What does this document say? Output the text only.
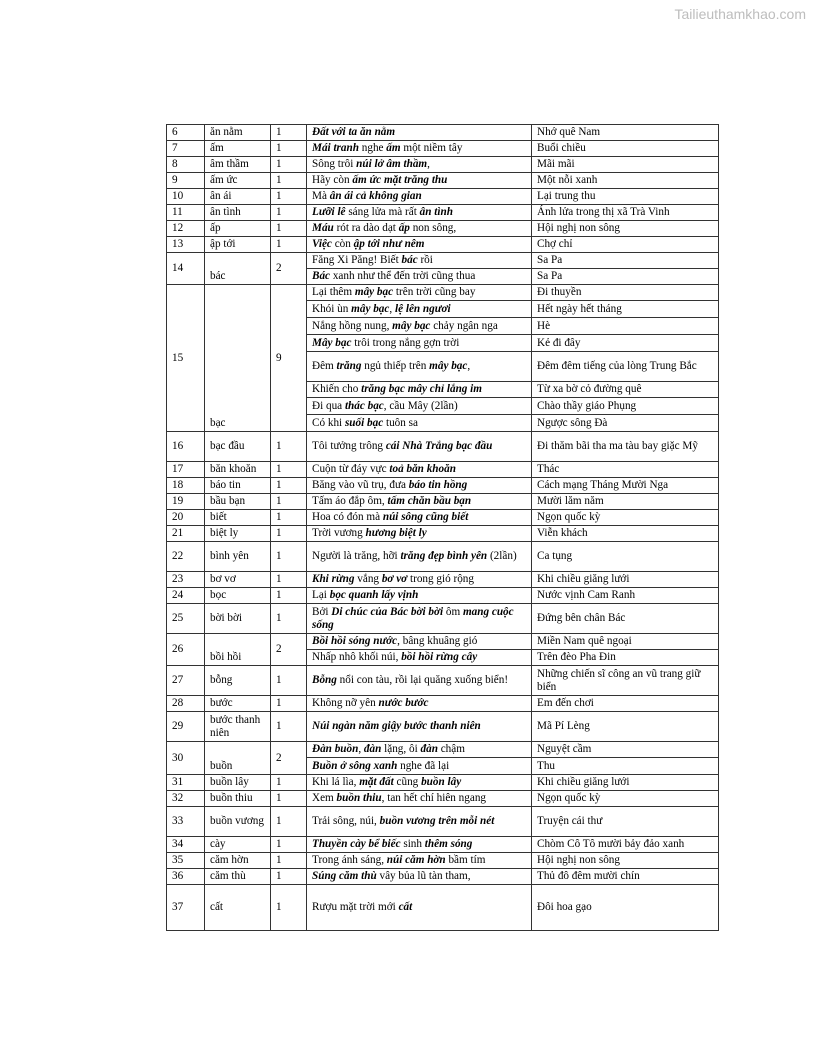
Tailieuthamkhao.com
6	ăn nằm	1	Đất với ta ăn nằm	Nhớ quê Nam
7	ấm	1	Mái tranh nghe ấm một niềm tây	Buổi chiều
8	âm thầm	1	Sông trôi núi lở âm thầm,	Mãi mãi
9	ấm ức	1	Hãy còn ấm ức mặt trăng thu	Một nỗi xanh
10	ân ái	1	Mà ân ái cả không gian	Lại trung thu
11	ân tình	1	Lưỡi lê sáng lửa mà rất ân tình	Ánh lửa trong thị xã Trà Vinh
12	ấp	1	Máu rót ra dào dạt ấp non sông,	Hội nghị non sông
13	ập tới	1	Việc còn ập tới như nêm	Chợ chỉ
14	bác	2	Făng Xi Păng! Biết bác rồi	Sa Pa
			Bác xanh như thể đến trời cũng thua	Sa Pa
15	bạc	9	Lại thêm mây bạc trên trời cũng bay	Đi thuyền
			Khói ùn mây bạc, lệ lên ngươi	Hết ngày hết tháng
			Nắng hồng nung, mây bạc chảy ngân nga	Hè
			Mây bạc trôi trong nắng gợn trời	Kẻ đi đây
			Đêm trăng ngủ thiếp trên mây bạc,	Đêm đêm tiếng của lòng Trung Bắc
			Khiến cho trăng bạc mây chỉ lắng im	Từ xa bờ cỏ đường quê
			Đi qua thác bạc, cầu Mây (2lần)	Chào thầy giáo Phụng
			Có khi suối bạc tuôn sa	Ngược sông Đà
16	bạc đầu	1	Tôi tưởng trông cái Nhà Trắng bạc đầu	Đi thăm bãi tha ma tàu bay giặc Mỹ
17	băn khoăn	1	Cuộn từ đáy vực toả băn khoăn	Thác
18	báo tin	1	Băng vào vũ trụ, đưa báo tin hồng	Cách mạng Tháng Mười Nga
19	bầu bạn	1	Tấm áo đắp ôm, tấm chăn bầu bạn	Mười lăm năm
20	biết	1	Hoa có đón mà núi sông cũng biết	Ngọn quốc kỳ
21	biệt ly	1	Trời vương hương biệt ly	Viễn khách
22	bình yên	1	Người là trăng, hỡi trăng đẹp bình yên (2lần)	Ca tụng
23	bơ vơ	1	Khi rừng vắng bơ vơ trong gió rộng	Khi chiều giăng lưới
24	bọc	1	Lại bọc quanh lấy vịnh	Nước vịnh Cam Ranh
25	bời bời	1	Bởi Di chúc của Bác bời bời ôm mang cuộc sống	Đứng bên chân Bác
26	bồi hồi	2	Bồi hồi sóng nước, bâng khuâng gió	Miền Nam quê ngoại
			Nhấp nhô khối núi, bồi hồi rừng cây	Trên đèo Pha Đin
27	bỗng	1	Bỗng nổi con tàu, rồi lại quăng xuống biển!	Những chiến sĩ công an vũ trang giữ biển
28	bước	1	Không nỡ yên nước bước	Em đến chơi
29	bước thanh niên	1	Núi ngàn năm giậy bước thanh niên	Mã Pí Lèng
30	buồn	2	Đàn buồn, đàn lặng, ôi đàn chậm	Nguyệt cầm
			Buồn ở sông xanh nghe đã lại	Thu
31	buồn lây	1	Khi lá lìa, mặt đất cũng buồn lây	Khi chiều giăng lưới
32	buồn thiu	1	Xem buồn thiu, tan hết chí hiên ngang	Ngọn quốc kỳ
33	buồn vương	1	Trải sông, núi, buồn vương trên mỗi nét	Truyện cái thư
34	cày	1	Thuyền cày bể biếc sinh thêm sóng	Chòm Cô Tô mười bảy đảo xanh
35	căm hờn	1	Trong ánh sáng, núi căm hờn bầm tím	Hội nghị non sông
36	căm thù	1	Súng căm thù vây bủa lũ tàn tham,	Thủ đô đêm mười chín
37	cất	1	Rượu mặt trời mới cất	Đôi hoa gạo
